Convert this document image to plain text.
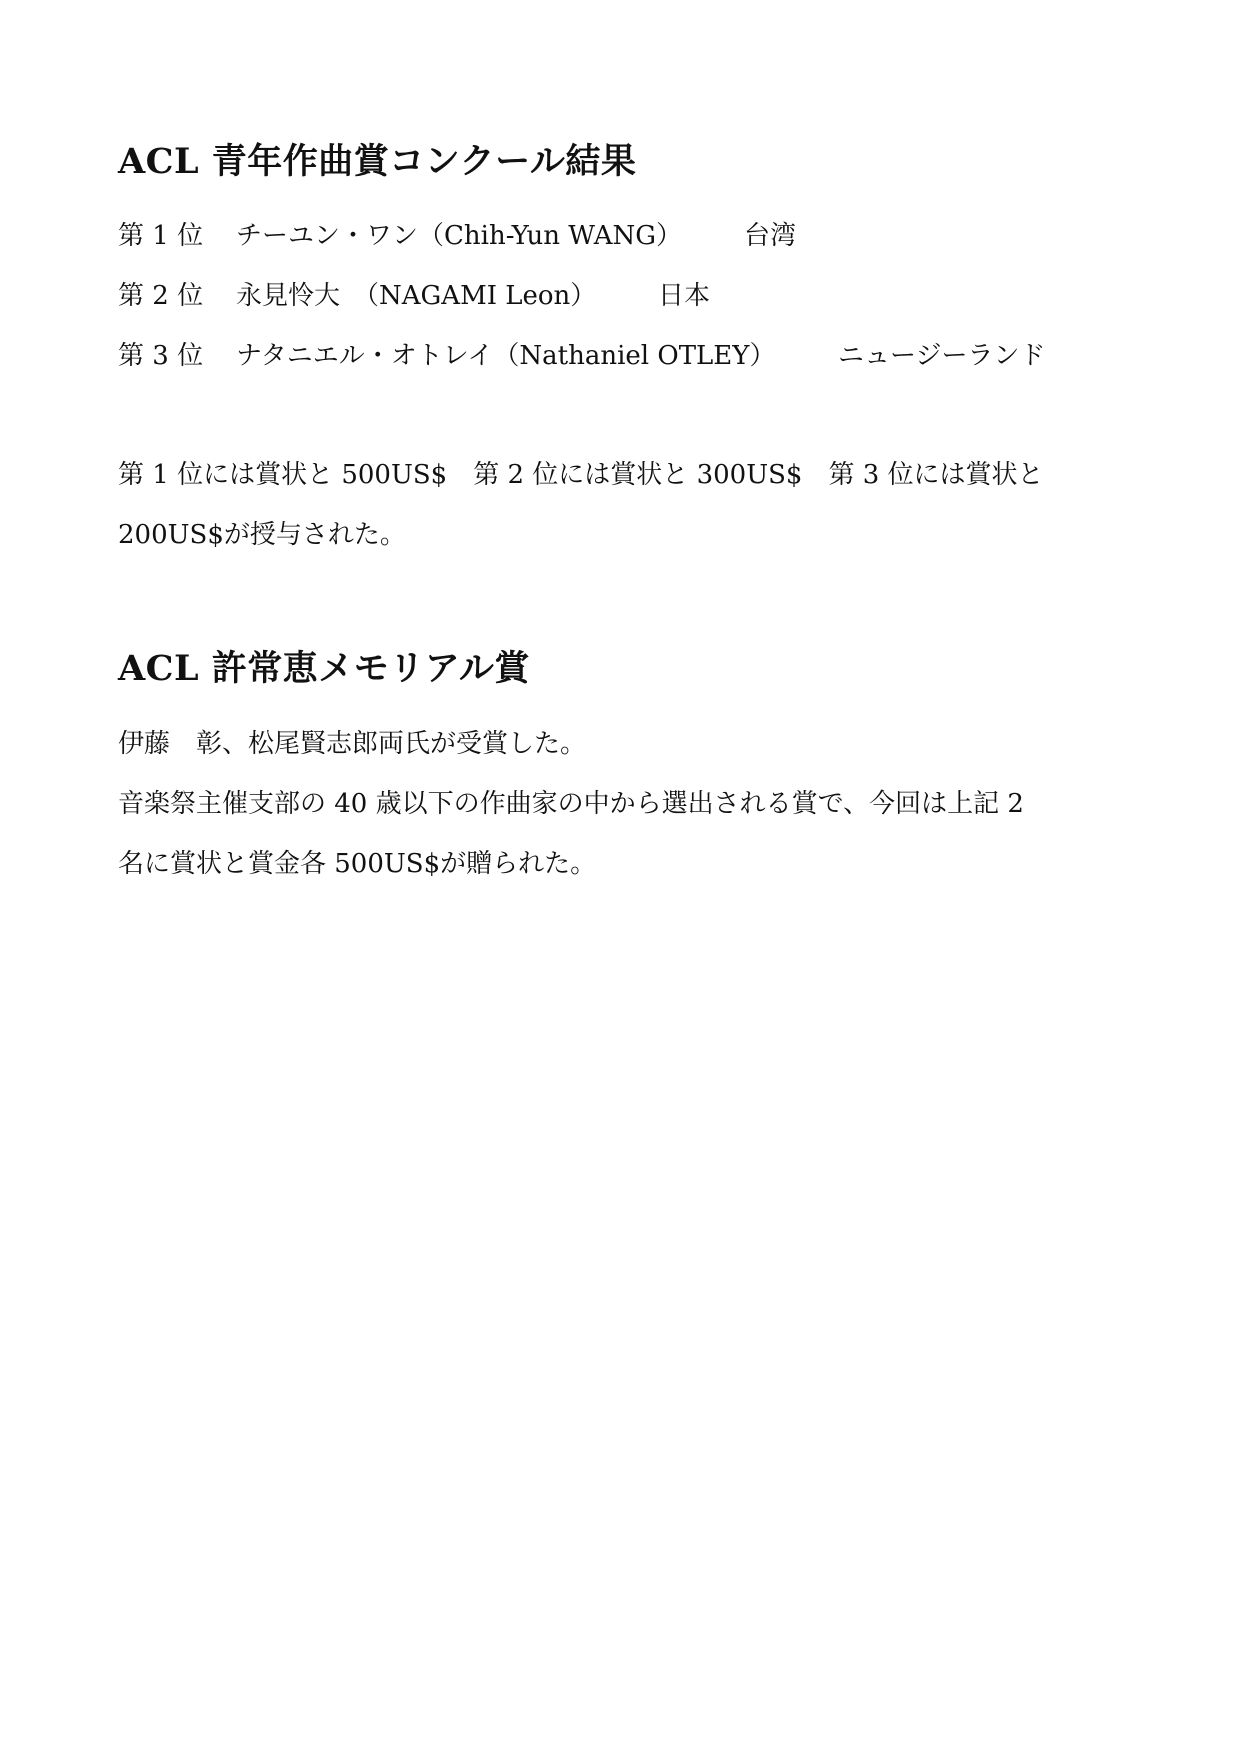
ACL 青年作曲賞コンクール結果
第 1 位 チーユン・ワン（Chih-Yun WANG） 台湾
第 2 位 永見怜大　（NAGAMI Leon） 日本
第 3 位 ナタニエル・オトレイ（Nathaniel OTLEY） ニュージーランド

第 1 位には賞状と 500US$　第 2 位には賞状と 300US$　第 3 位には賞状と

200US$が授与された。

ACL 許常恵メモリアル賞

伊藤　彰、松尾賢志郎両氏が受賞した。

音楽祭主催支部の 40 歳以下の作曲家の中から選出される賞で、今回は上記 2

名に賞状と賞金各 500US$が贈られた。
